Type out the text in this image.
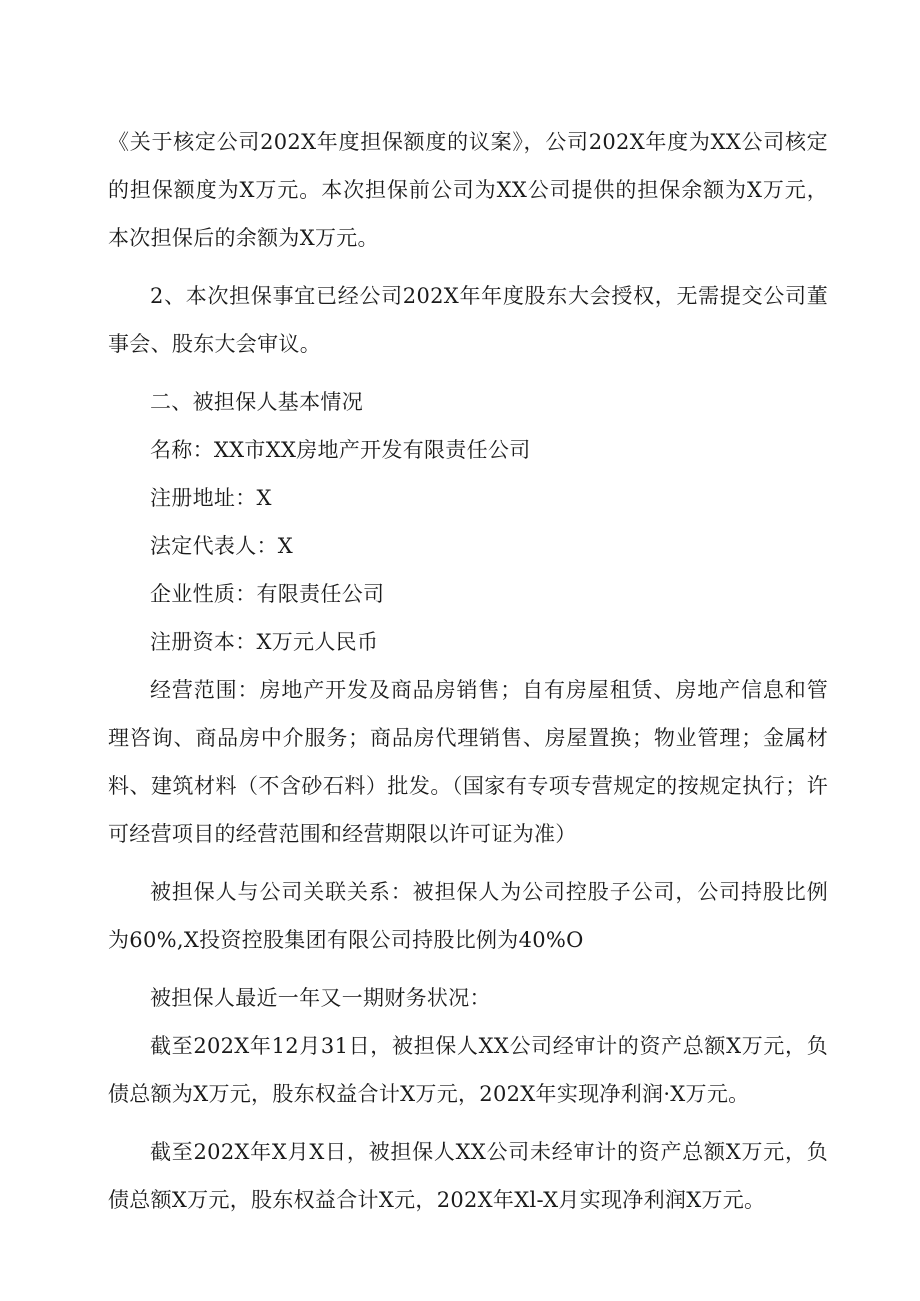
《关于核定公司202X年度担保额度的议案》，公司202X年度为XX公司核定的担保额度为X万元。本次担保前公司为XX公司提供的担保余额为X万元，本次担保后的余额为X万元。

2、本次担保事宜已经公司202X年年度股东大会授权，无需提交公司董事会、股东大会审议。

二、被担保人基本情况

名称：XX市XX房地产开发有限责任公司

注册地址：X

法定代表人：X

企业性质：有限责任公司

注册资本：X万元人民币

经营范围：房地产开发及商品房销售；自有房屋租赁、房地产信息和管理咨询、商品房中介服务；商品房代理销售、房屋置换；物业管理；金属材料、建筑材料（不含砂石料）批发。（国家有专项专营规定的按规定执行；许可经营项目的经营范围和经营期限以许可证为准）

被担保人与公司关联关系：被担保人为公司控股子公司，公司持股比例为60%,X投资控股集团有限公司持股比例为40%O

被担保人最近一年又一期财务状况：

截至202X年12月31日，被担保人XX公司经审计的资产总额X万元，负债总额为X万元，股东权益合计X万元，202X年实现净利润·X万元。

截至202X年X月X日，被担保人XX公司未经审计的资产总额X万元，负债总额X万元，股东权益合计X元，202X年Xl-X月实现净利润X万元。
